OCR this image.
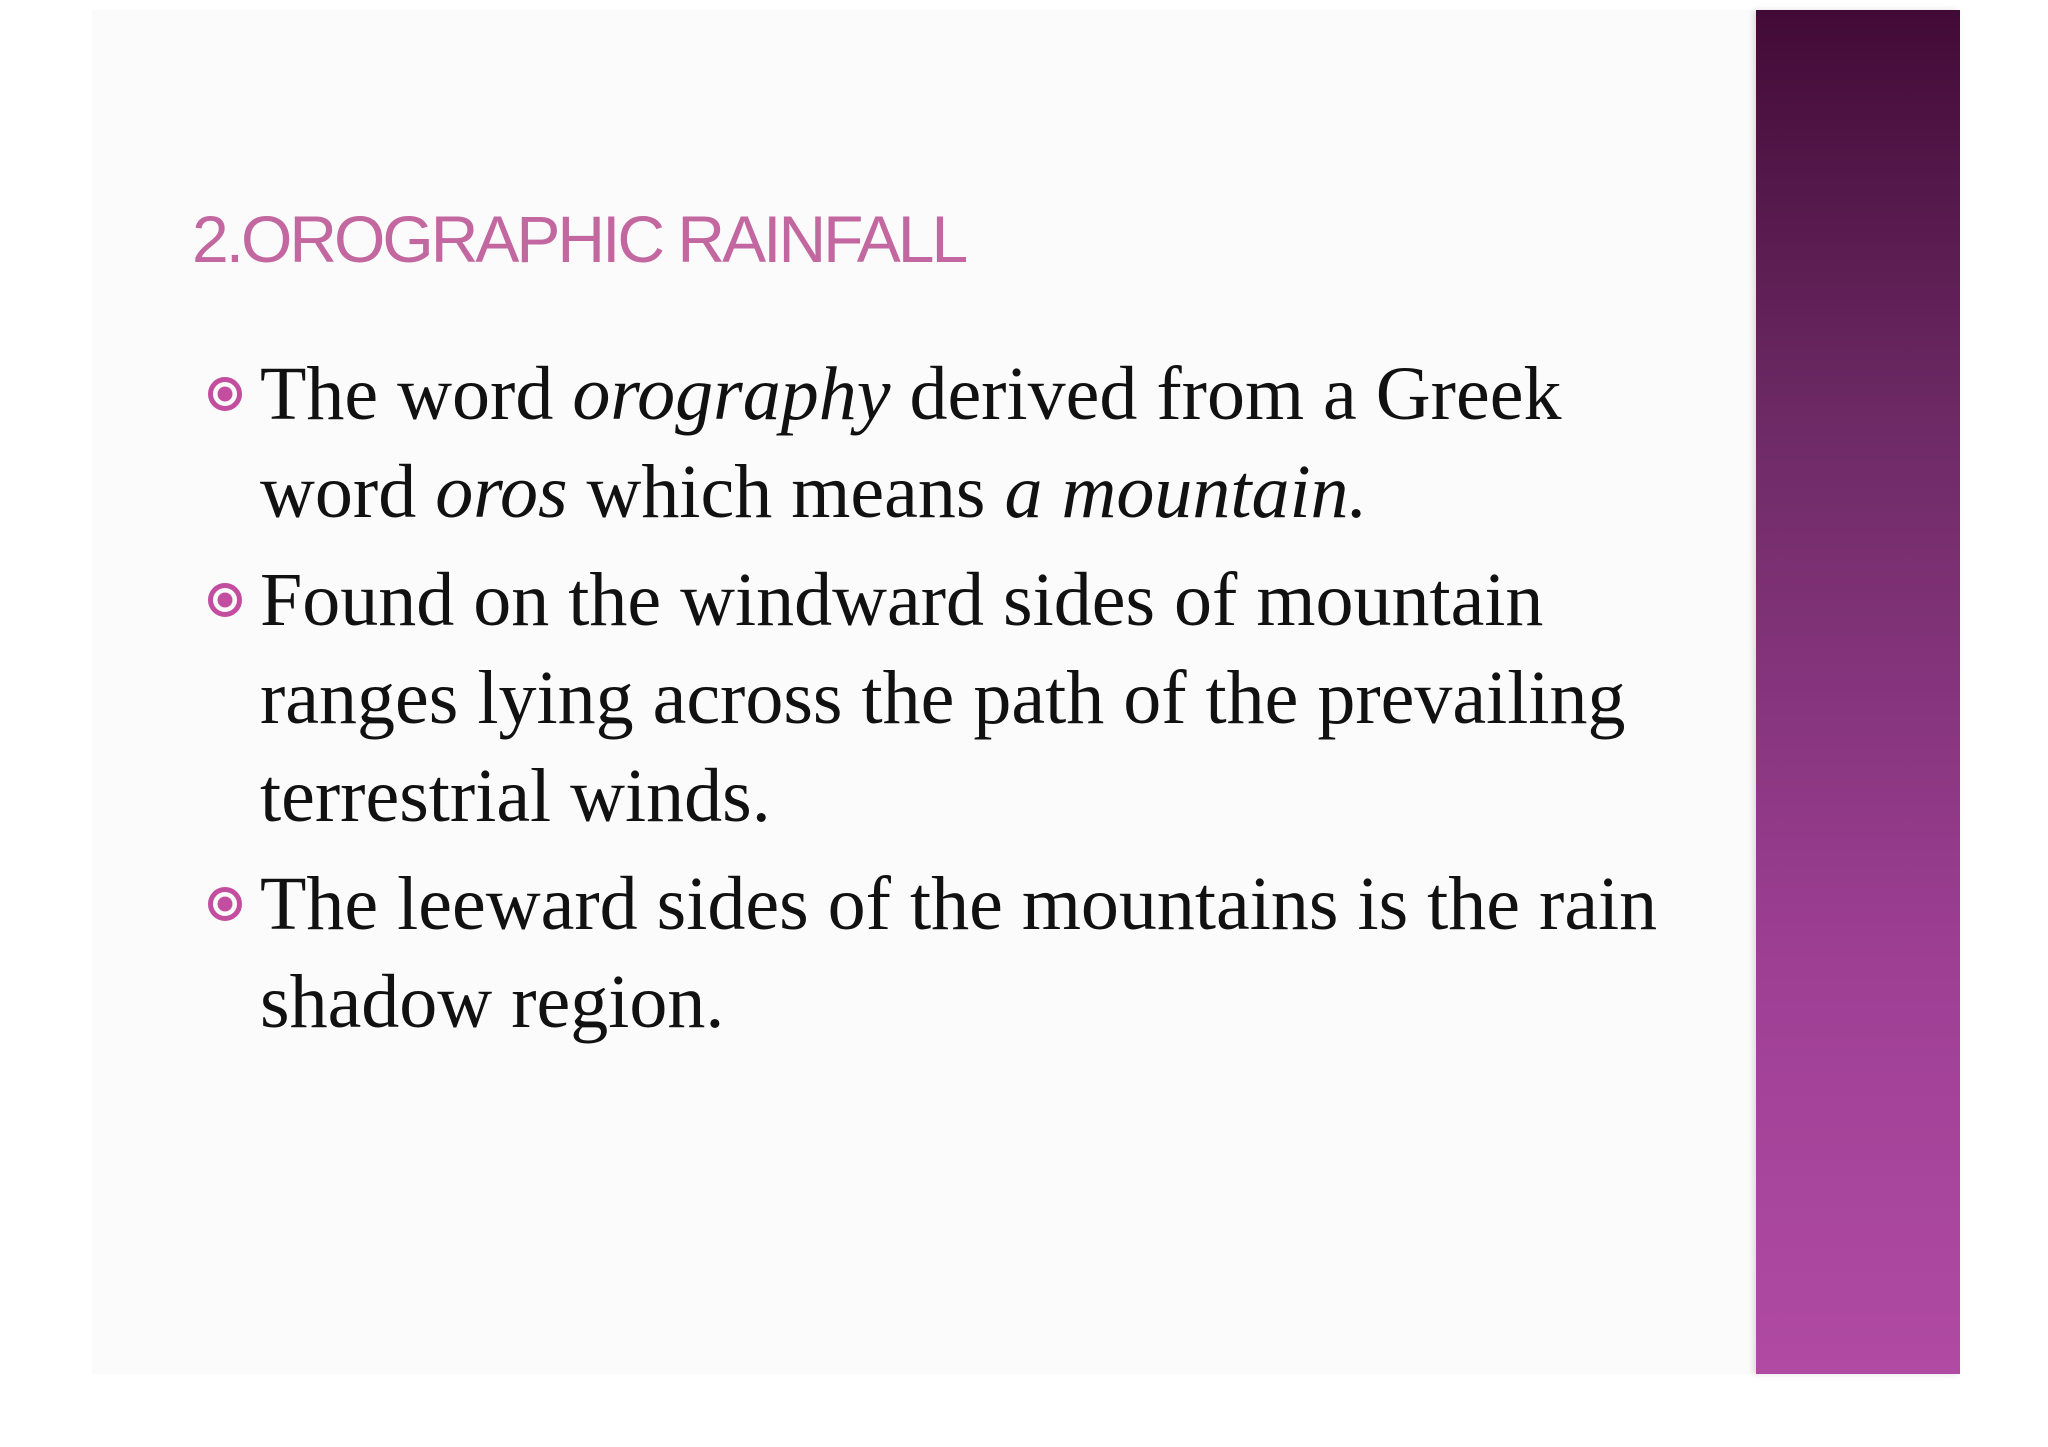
2.OROGRAPHIC RAINFALL
The word orography derived from a Greek word oros which means a mountain.
Found on the windward sides of mountain ranges lying across the path of the prevailing terrestrial winds.
The leeward sides of the mountains is the rain shadow region.
